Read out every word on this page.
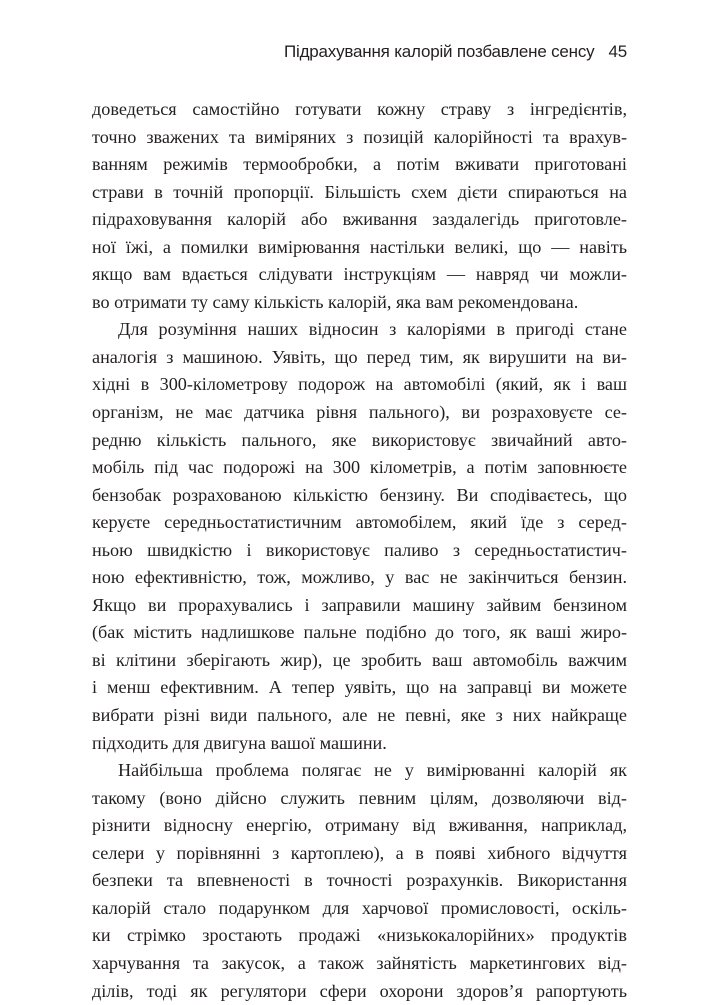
Підрахування калорій позбавлене сенсу 45
доведеться самостійно готувати кожну страву з інгредієнтів,
точно зважених та виміряних з позицій калорійності та врахув-
ванням режимів термообробки, а потім вживати приготовані
страви в точній пропорції. Більшість схем дієти спираються на
підраховування калорій або вживання заздалегідь приготовле-
ної їжі, а помилки вимірювання настільки великі, що — навіть
якщо вам вдається слідувати інструкціям — навряд чи можли-
во отримати ту саму кількість калорій, яка вам рекомендована.
Для розуміння наших відносин з калоріями в пригоді стане
аналогія з машиною. Уявіть, що перед тим, як вирушити на ви-
хідні в 300-кілометрову подорож на автомобілі (який, як і ваш
організм, не має датчика рівня пального), ви розраховуєте се-
редню кількість пального, яке використовує звичайний авто-
мобіль під час подорожі на 300 кілометрів, а потім заповнюєте
бензобак розрахованою кількістю бензину. Ви сподіваєтесь, що
керуєте середньостатистичним автомобілем, який їде з серед-
ньою швидкістю і використовує паливо з середньостатистич-
ною ефективністю, тож, можливо, у вас не закінчиться бензин.
Якщо ви прорахувались і заправили машину зайвим бензином
(бак містить надлишкове пальне подібно до того, як ваші жиро-
ві клітини зберігають жир), це зробить ваш автомобіль важчим
і менш ефективним. А тепер уявіть, що на заправці ви можете
вибрати різні види пального, але не певні, яке з них найкраще
підходить для двигуна вашої машини.
Найбільша проблема полягає не у вимірюванні калорій як
такому (воно дійсно служить певним цілям, дозволяючи від-
різнити відносну енергію, отриману від вживання, наприклад,
селери у порівнянні з картоплею), а в появі хибного відчуття
безпеки та впевненості в точності розрахунків. Використання
калорій стало подарунком для харчової промисловості, оскіль-
ки стрімко зростають продажі «низькокалорійних» продуктів
харчування та закусок, а також зайнятість маркетингових від-
ділів, тоді як регулятори сфери охорони здоров’я рапортують
